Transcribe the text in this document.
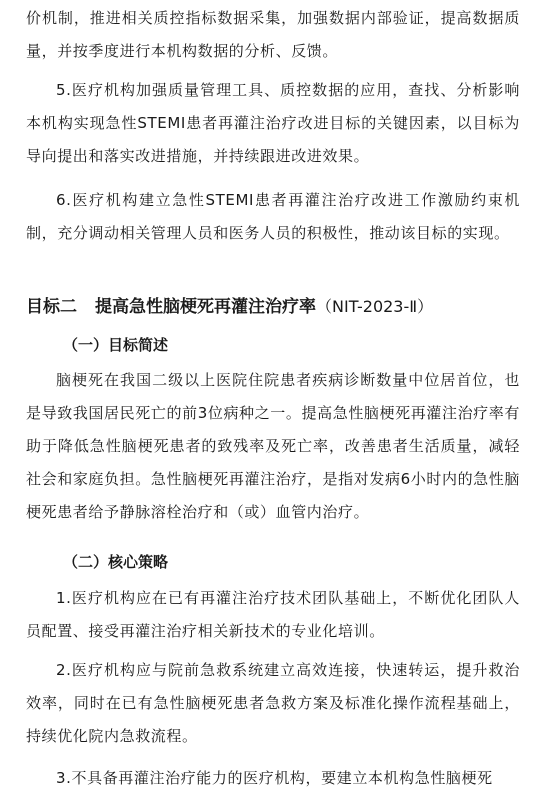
价机制，推进相关质控指标数据采集，加强数据内部验证，提高数据质量，并按季度进行本机构数据的分析、反馈。

5.医疗机构加强质量管理工具、质控数据的应用，查找、分析影响本机构实现急性STEMI患者再灌注治疗改进目标的关键因素，以目标为导向提出和落实改进措施，并持续跟进改进效果。

6.医疗机构建立急性STEMI患者再灌注治疗改进工作激励约束机制，充分调动相关管理人员和医务人员的积极性，推动该目标的实现。

目标二 提高急性脑梗死再灌注治疗率（NIT-2023-Ⅱ）
（一）目标简述

脑梗死在我国二级以上医院住院患者疾病诊断数量中位居首位，也是导致我国居民死亡的前3位病种之一。提高急性脑梗死再灌注治疗率有助于降低急性脑梗死患者的致残率及死亡率，改善患者生活质量，减轻社会和家庭负担。急性脑梗死再灌注治疗，是指对发病6小时内的急性脑梗死患者给予静脉溶栓治疗和（或）血管内治疗。

（二）核心策略

1.医疗机构应在已有再灌注治疗技术团队基础上，不断优化团队人员配置、接受再灌注治疗相关新技术的专业化培训。

2.医疗机构应与院前急救系统建立高效连接，快速转运，提升救治效率，同时在已有急性脑梗死患者急救方案及标准化操作流程基础上，持续优化院内急救流程。

3.不具备再灌注治疗能力的医疗机构，要建立本机构急性脑梗死
